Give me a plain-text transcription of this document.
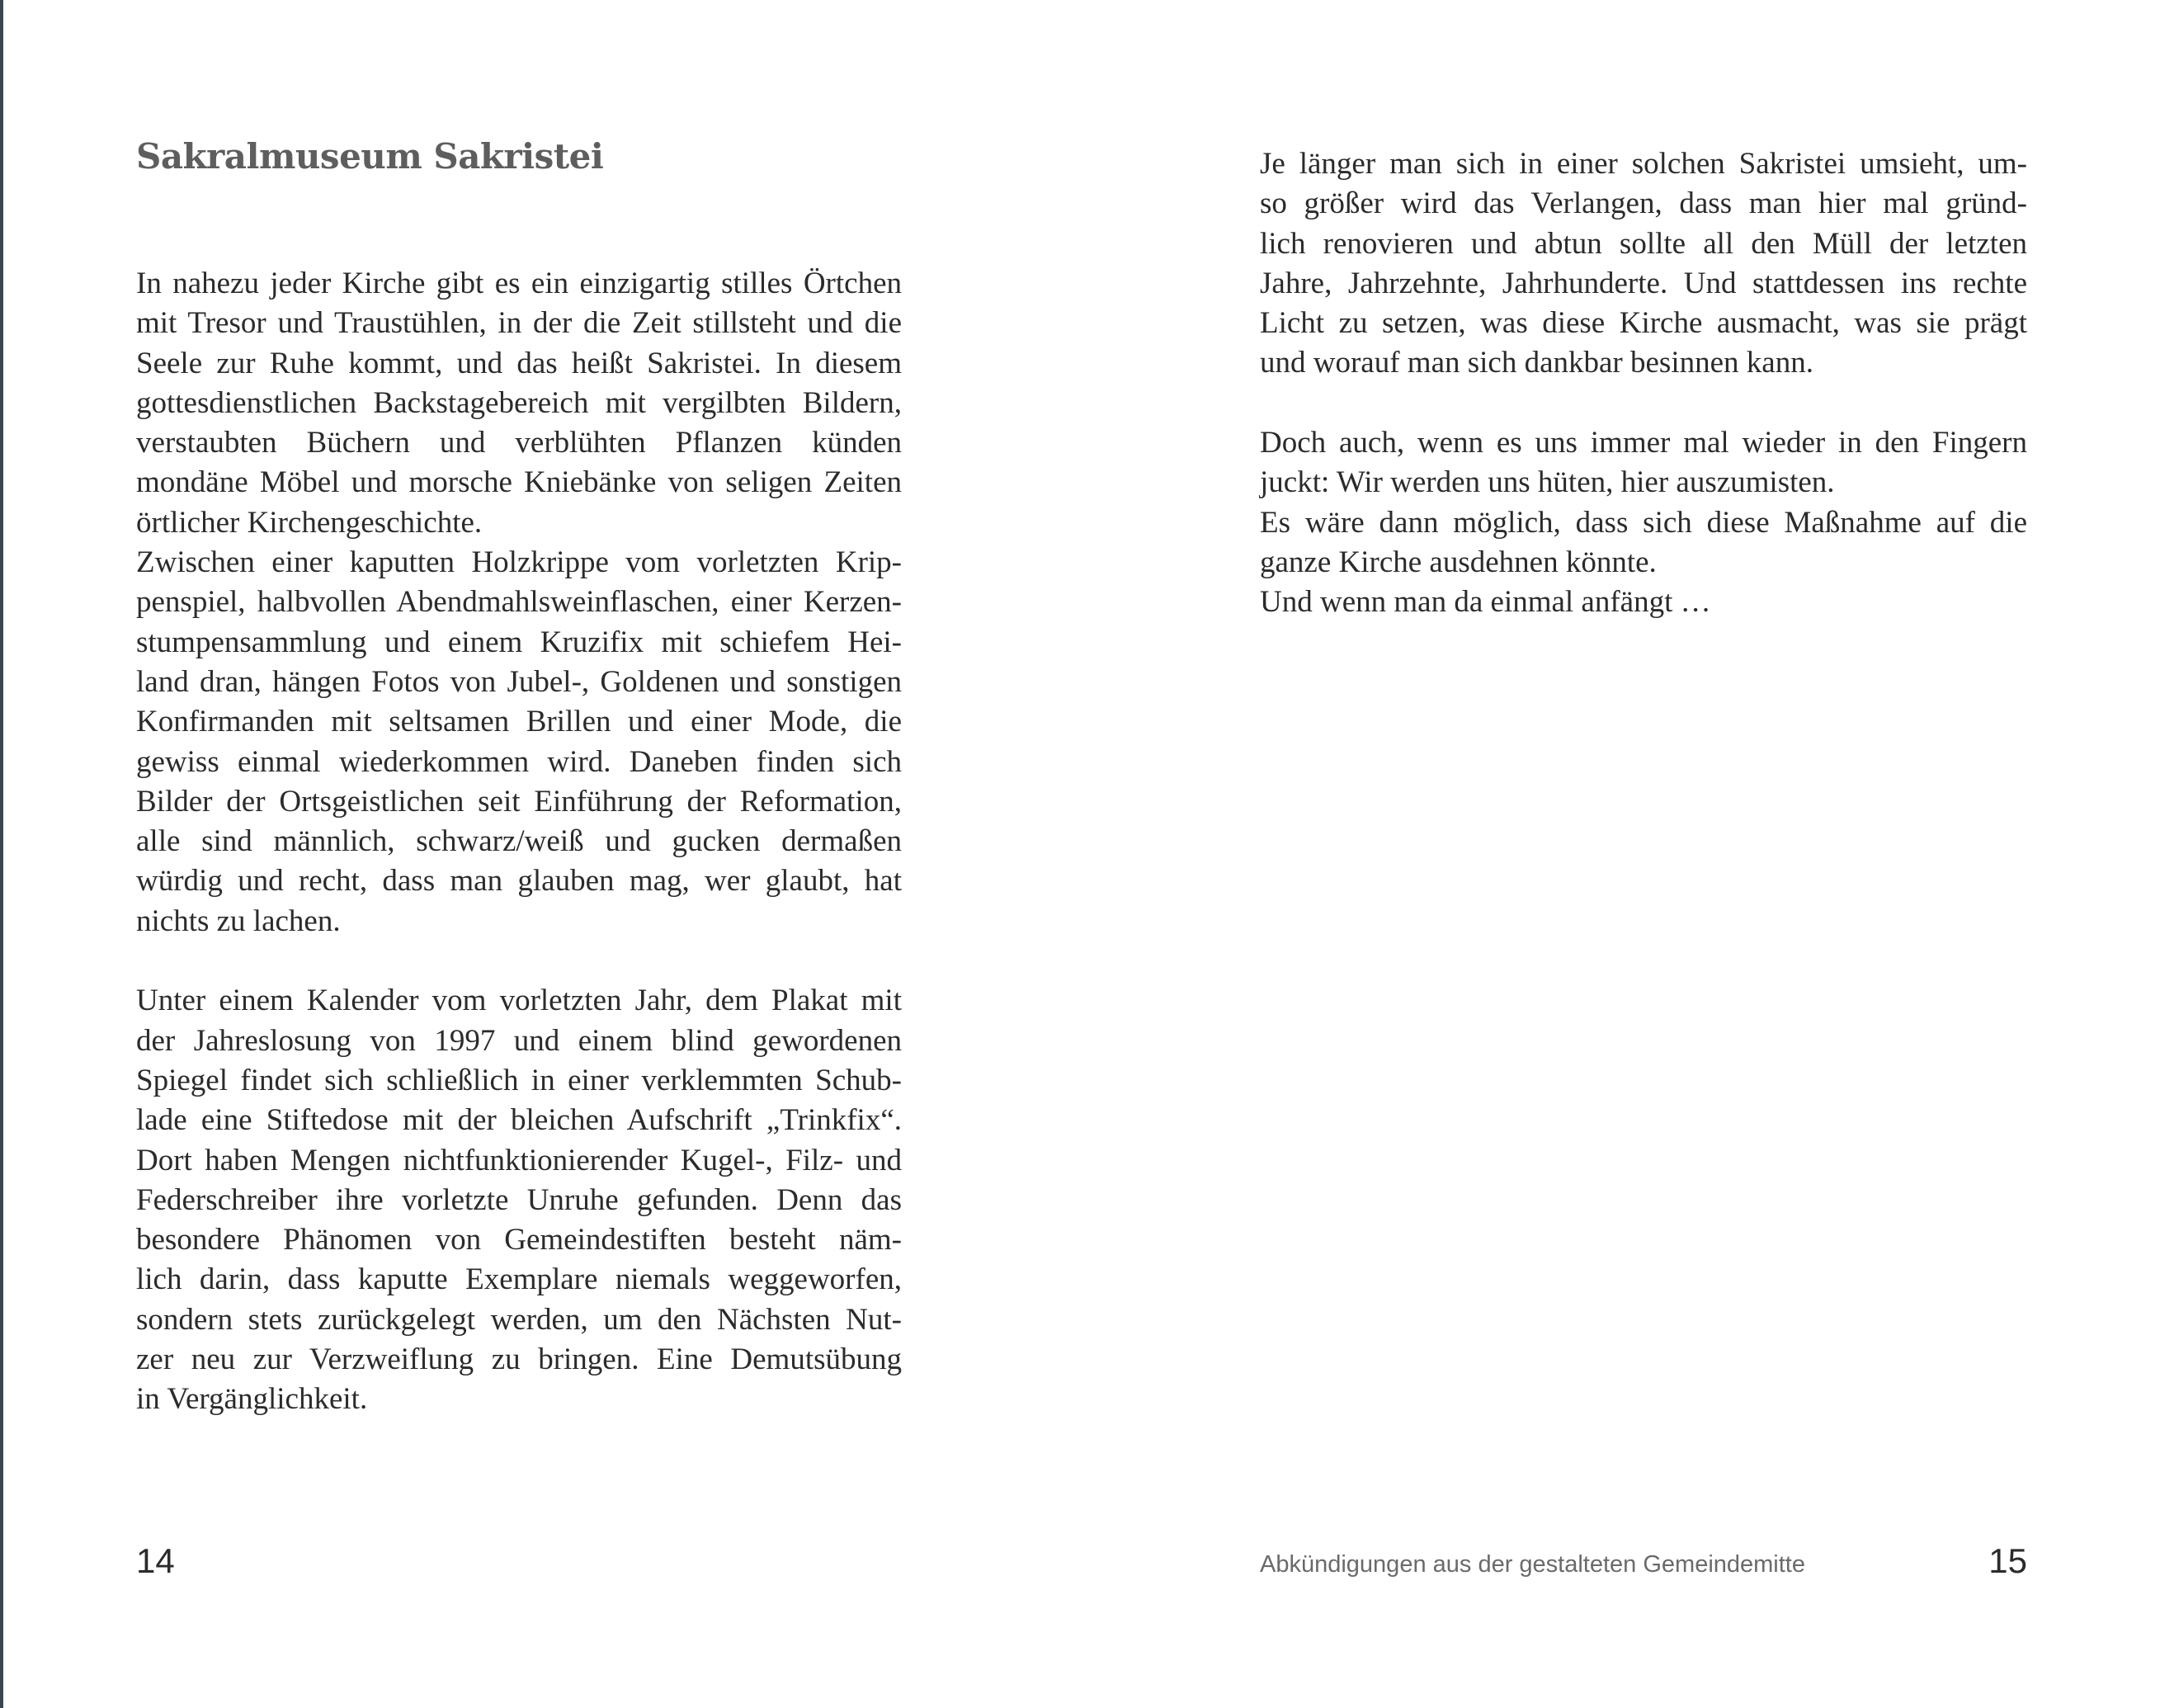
Sakralmuseum Sakristei
In nahezu jeder Kirche gibt es ein einzigartig stilles Örtchen
mit Tresor und Traustühlen, in der die Zeit stillsteht und die
Seele zur Ruhe kommt, und das heißt Sakristei. In diesem
gottesdienstlichen Backstagebereich mit vergilbten Bildern,
verstaubten Büchern und verblühten Pflanzen künden
mondäne Möbel und morsche Kniebänke von seligen Zeiten
örtlicher Kirchengeschichte.
Zwischen einer kaputten Holzkrippe vom vorletzten Krip-
penspiel, halbvollen Abendmahlsweinflaschen, einer Kerzen-
stumpensammlung und einem Kruzifix mit schiefem Hei-
land dran, hängen Fotos von Jubel-, Goldenen und sonstigen
Konfirmanden mit seltsamen Brillen und einer Mode, die
gewiss einmal wiederkommen wird. Daneben finden sich
Bilder der Ortsgeistlichen seit Einführung der Reformation,
alle sind männlich, schwarz/weiß und gucken dermaßen
würdig und recht, dass man glauben mag, wer glaubt, hat
nichts zu lachen.
Unter einem Kalender vom vorletzten Jahr, dem Plakat mit
der Jahreslosung von 1997 und einem blind gewordenen
Spiegel findet sich schließlich in einer verklemmten Schub-
lade eine Stiftedose mit der bleichen Aufschrift „Trinkfix“.
Dort haben Mengen nichtfunktionierender Kugel-, Filz- und
Federschreiber ihre vorletzte Unruhe gefunden. Denn das
besondere Phänomen von Gemeindestiften besteht näm-
lich darin, dass kaputte Exemplare niemals weggeworfen,
sondern stets zurückgelegt werden, um den Nächsten Nut-
zer neu zur Verzweiflung zu bringen. Eine Demutsübung
in Vergänglichkeit.

14

Je länger man sich in einer solchen Sakristei umsieht, um-
so größer wird das Verlangen, dass man hier mal gründ-
lich renovieren und abtun sollte all den Müll der letzten
Jahre, Jahrzehnte, Jahrhunderte. Und stattdessen ins rechte
Licht zu setzen, was diese Kirche ausmacht, was sie prägt
und worauf man sich dankbar besinnen kann.
Doch auch, wenn es uns immer mal wieder in den Fingern
juckt: Wir werden uns hüten, hier auszumisten.
Es wäre dann möglich, dass sich diese Maßnahme auf die
ganze Kirche ausdehnen könnte.
Und wenn man da einmal anfängt …

Abkündigungen aus der gestalteten Gemeindemitte	15
